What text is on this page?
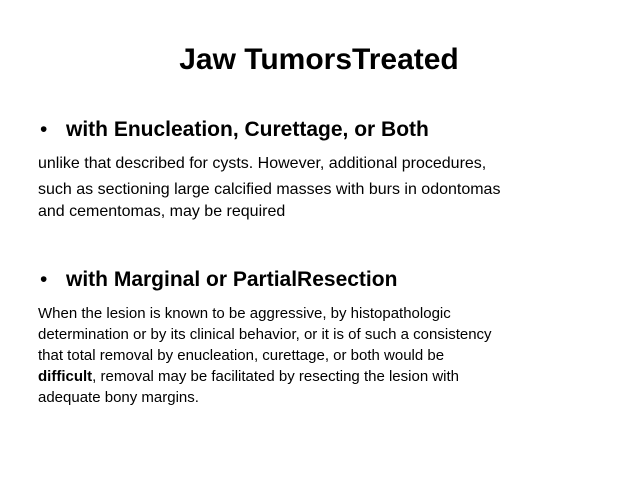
Jaw TumorsTreated
• with Enucleation, Curettage, or Both
unlike that described for cysts. However, additional procedures,
such as sectioning large calcified masses with burs in odontomas
and cementomas, may be required
• with Marginal or PartialResection
When the lesion is known to be aggressive, by histopathologic
determination or by its clinical behavior, or it is of such a consistency
that total removal by enucleation, curettage, or both would be
difficult, removal may be facilitated by resecting the lesion with
adequate bony margins.
